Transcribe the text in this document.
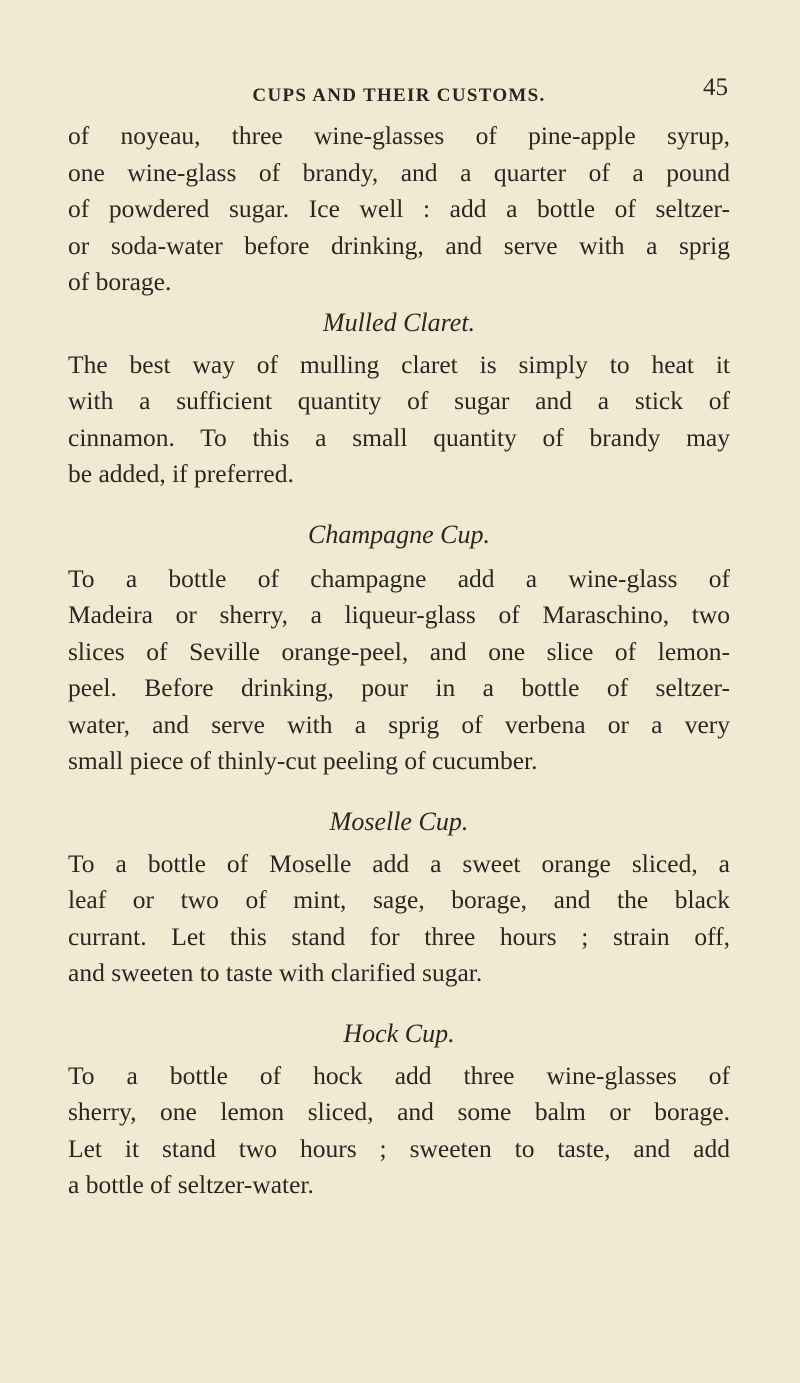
CUPS AND THEIR CUSTOMS.	45
of noyeau, three wine-glasses of pine-apple syrup,
one wine-glass of brandy, and a quarter of a pound
of powdered sugar. Ice well : add a bottle of seltzer-
or soda-water before drinking, and serve with a sprig
of borage.
Mulled Claret.
The best way of mulling claret is simply to heat it
with a sufficient quantity of sugar and a stick of
cinnamon. To this a small quantity of brandy may
be added, if preferred.
Champagne Cup.
To a bottle of champagne add a wine-glass of
Madeira or sherry, a liqueur-glass of Maraschino, two
slices of Seville orange-peel, and one slice of lemon-
peel. Before drinking, pour in a bottle of seltzer-
water, and serve with a sprig of verbena or a very
small piece of thinly-cut peeling of cucumber.
Moselle Cup.
To a bottle of Moselle add a sweet orange sliced, a
leaf or two of mint, sage, borage, and the black
currant. Let this stand for three hours ; strain off,
and sweeten to taste with clarified sugar.
Hock Cup.
To a bottle of hock add three wine-glasses of
sherry, one lemon sliced, and some balm or borage.
Let it stand two hours ; sweeten to taste, and add
a bottle of seltzer-water.
